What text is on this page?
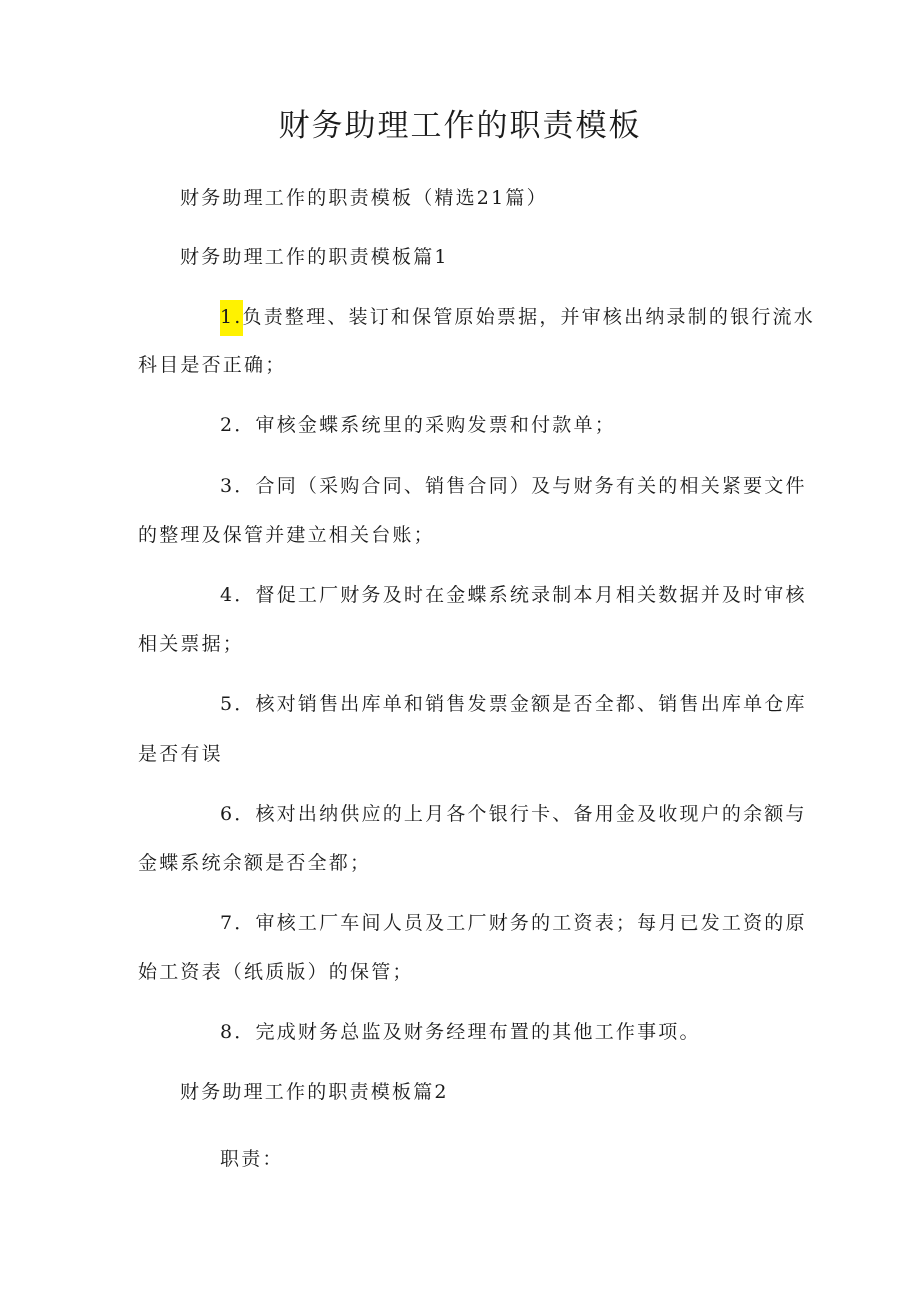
财务助理工作的职责模板
财务助理工作的职责模板（精选21篇）
财务助理工作的职责模板篇1
1.负责整理、装订和保管原始票据，并审核出纳录制的银行流水
科目是否正确；
2．审核金蝶系统里的采购发票和付款单；
3．合同（采购合同、销售合同）及与财务有关的相关紧要文件
的整理及保管并建立相关台账；
4．督促工厂财务及时在金蝶系统录制本月相关数据并及时审核
相关票据；
5．核对销售出库单和销售发票金额是否全都、销售出库单仓库
是否有误
6．核对出纳供应的上月各个银行卡、备用金及收现户的余额与
金蝶系统余额是否全都；
7．审核工厂车间人员及工厂财务的工资表；每月已发工资的原
始工资表（纸质版）的保管；
8．完成财务总监及财务经理布置的其他工作事项。
财务助理工作的职责模板篇2
职责：
